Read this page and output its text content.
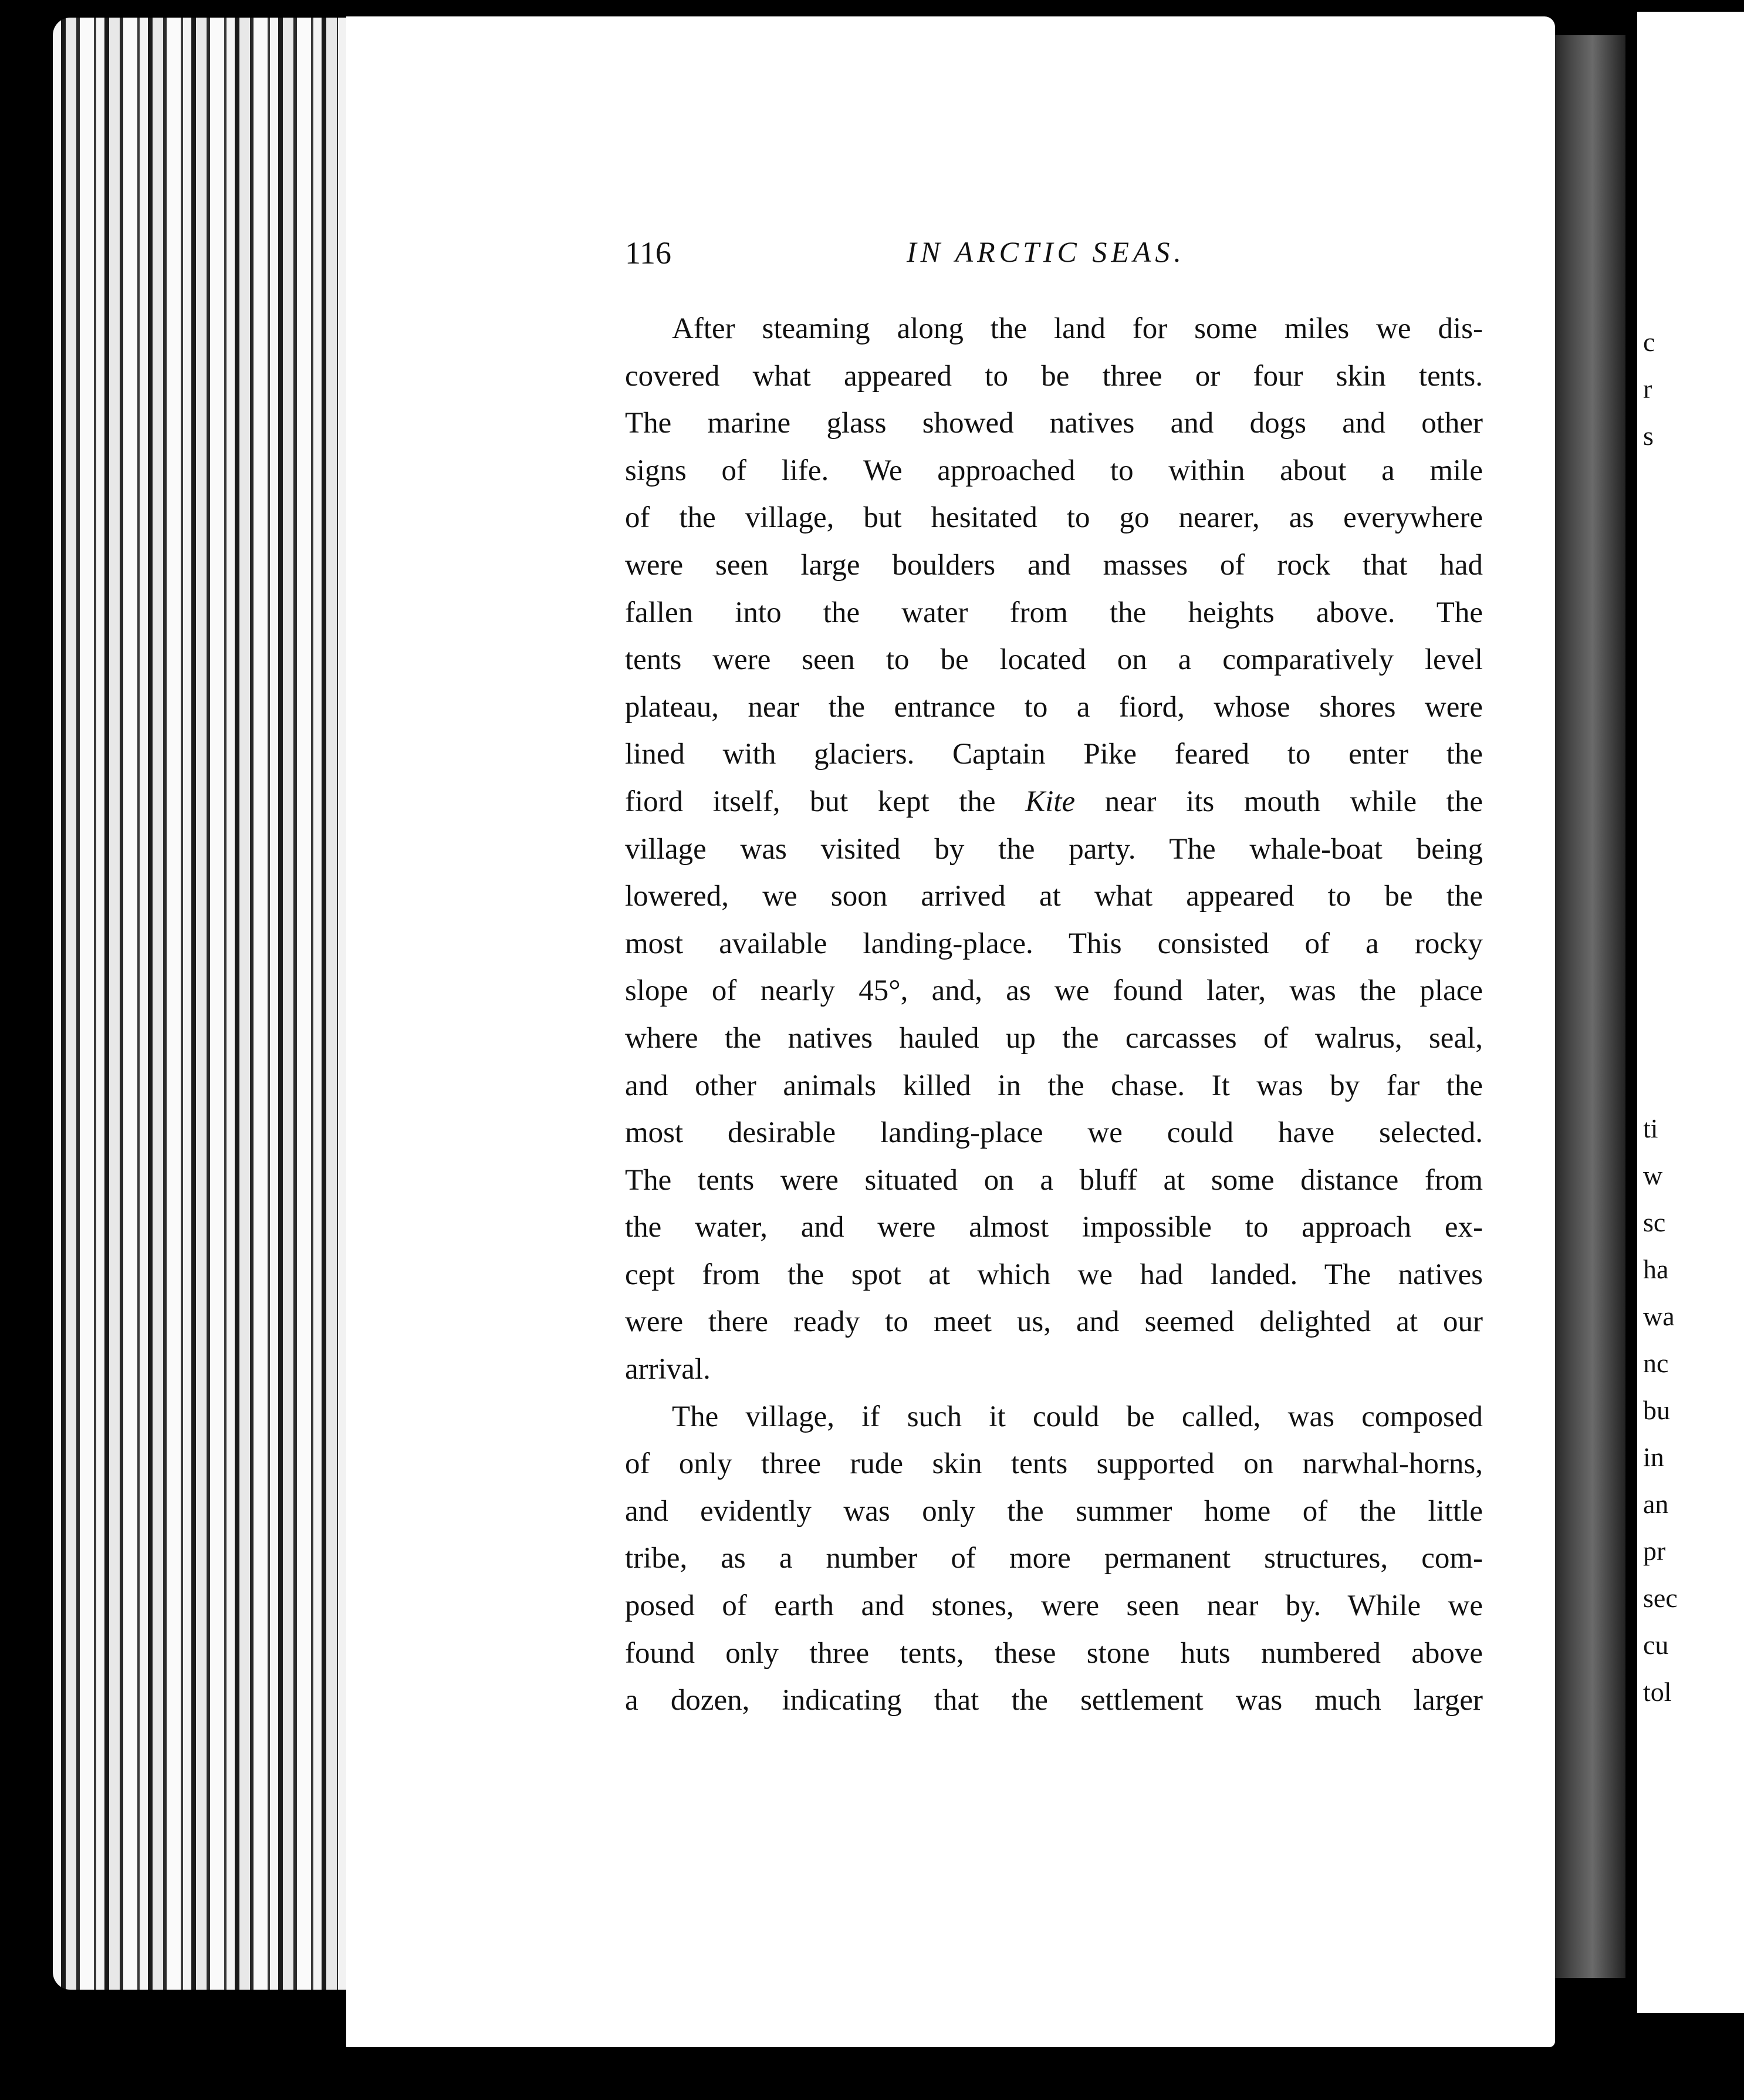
c
r
s
ti
w
sc
ha
wa
nc
bu
in
an
pr
sec
cu
tol
116	IN ARCTIC SEAS.
After steaming along the land for some miles we dis-
covered what appeared to be three or four skin tents.
The marine glass showed natives and dogs and other
signs of life. We approached to within about a mile
of the village, but hesitated to go nearer, as everywhere
were seen large boulders and masses of rock that had
fallen into the water from the heights above. The
tents were seen to be located on a comparatively level
plateau, near the entrance to a fiord, whose shores were
lined with glaciers. Captain Pike feared to enter the
fiord itself, but kept the Kite near its mouth while the
village was visited by the party. The whale-boat being
lowered, we soon arrived at what appeared to be the
most available landing-place. This consisted of a rocky
slope of nearly 45°, and, as we found later, was the place
where the natives hauled up the carcasses of walrus, seal,
and other animals killed in the chase. It was by far the
most desirable landing-place we could have selected.
The tents were situated on a bluff at some distance from
the water, and were almost impossible to approach ex-
cept from the spot at which we had landed. The natives
were there ready to meet us, and seemed delighted at our
arrival.
The village, if such it could be called, was composed
of only three rude skin tents supported on narwhal-horns,
and evidently was only the summer home of the little
tribe, as a number of more permanent structures, com-
posed of earth and stones, were seen near by. While we
found only three tents, these stone huts numbered above
a dozen, indicating that the settlement was much larger
